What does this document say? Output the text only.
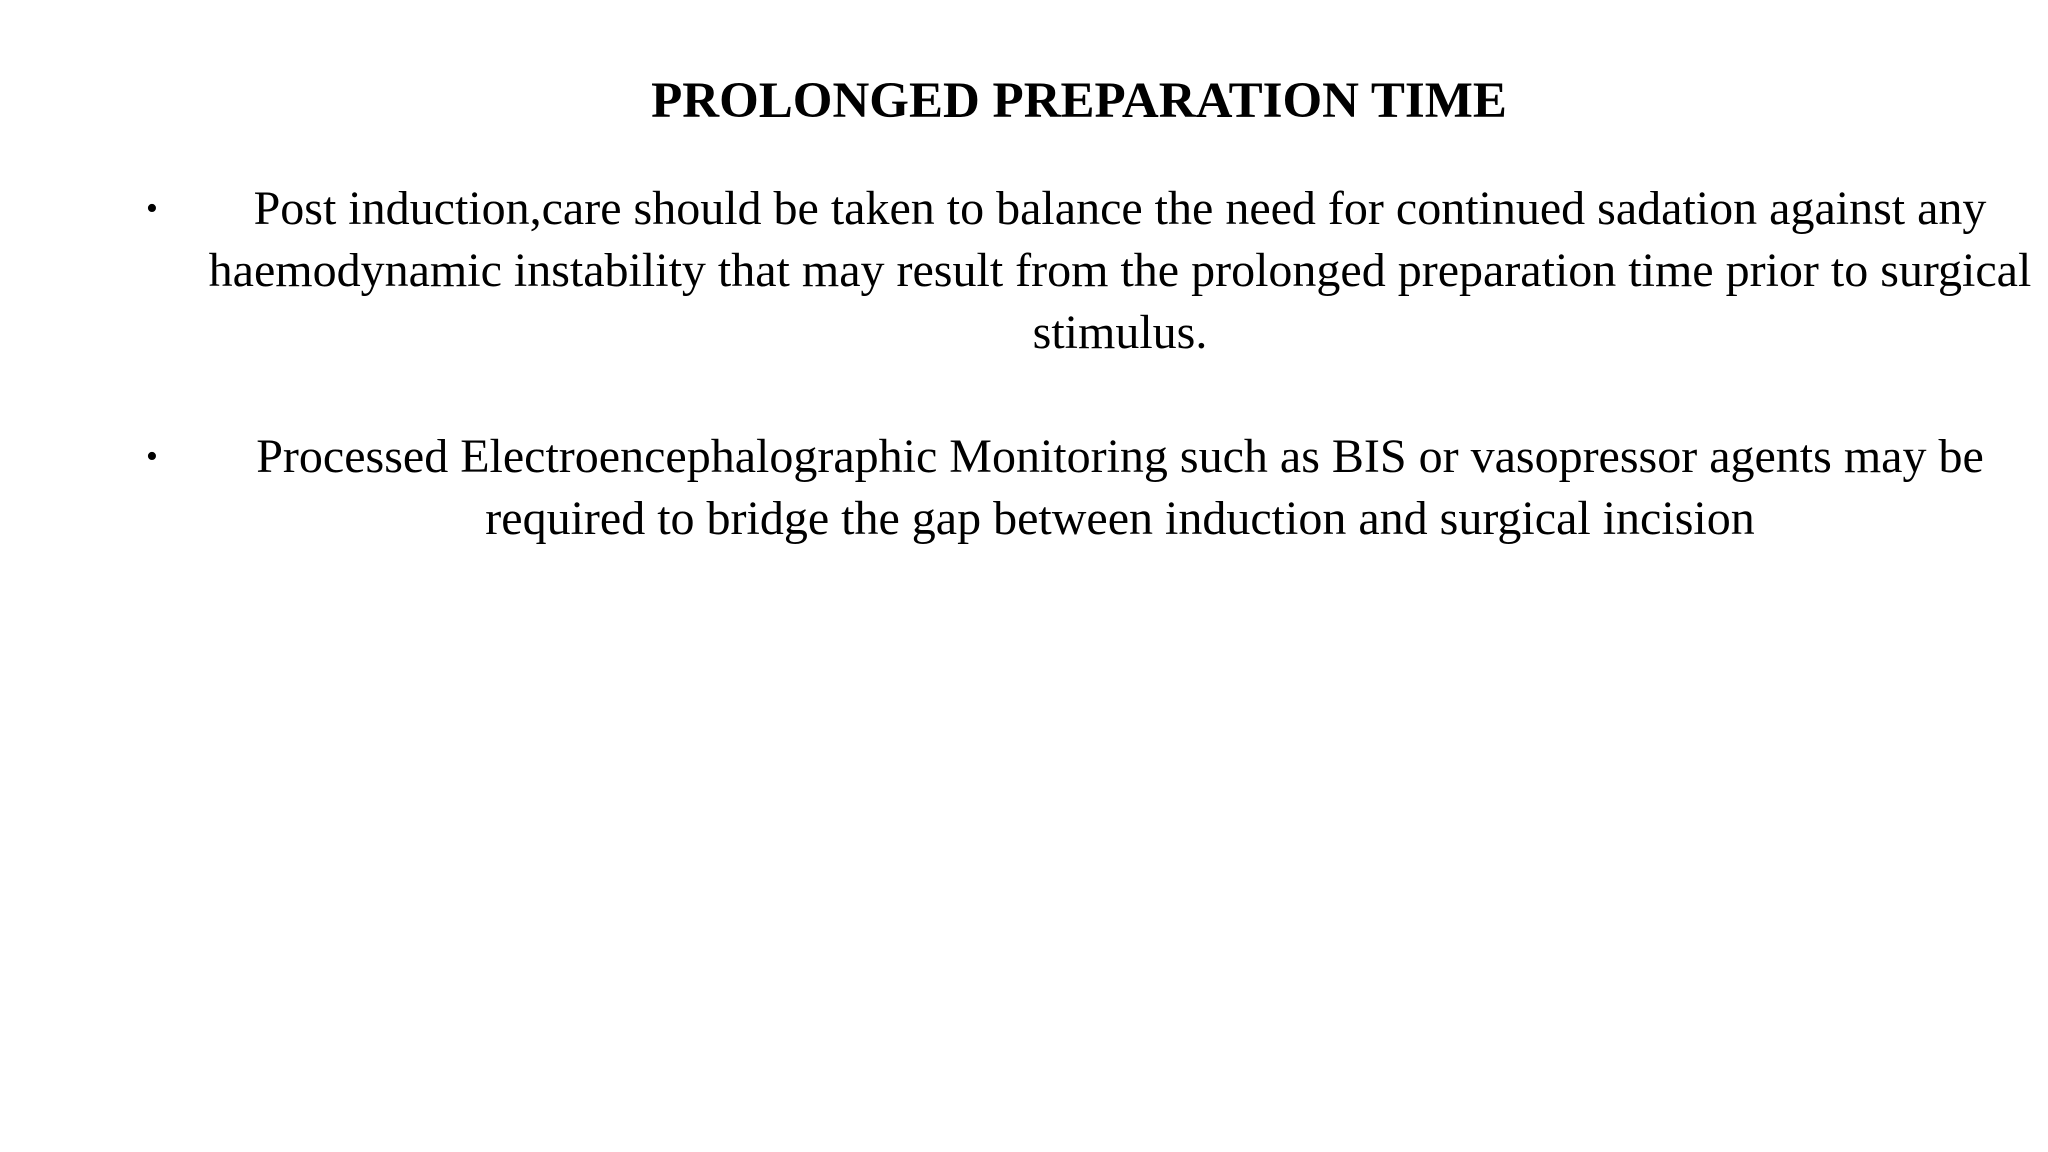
PROLONGED PREPARATION TIME
•	Post induction,care should be taken to balance the need for continued sadation against any haemodynamic instability that may result from the prolonged preparation time prior to surgical stimulus.
•	Processed Electroencephalographic Monitoring such as BIS or vasopressor agents may be required to bridge the gap between induction and surgical incision
